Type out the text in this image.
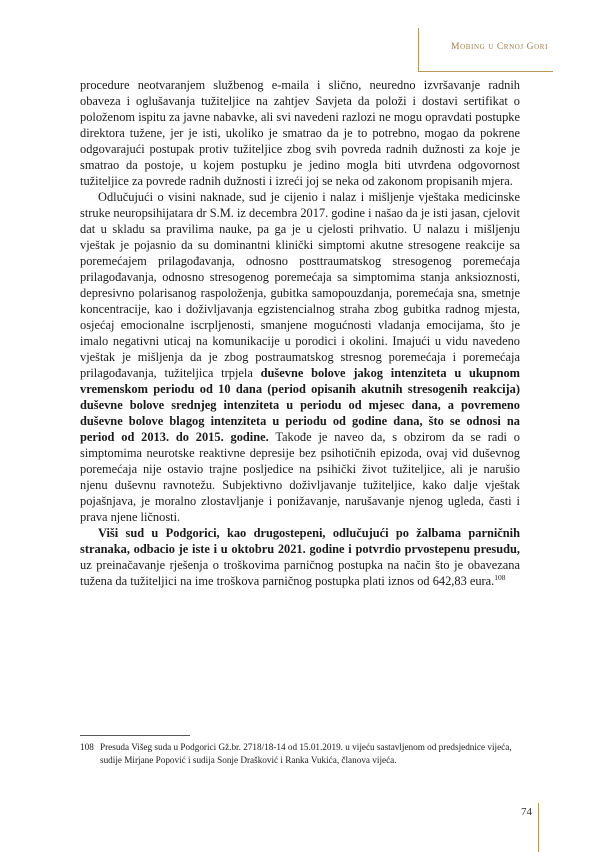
Mobing u Crnoj Gori

procedure neotvaranjem službenog e-maila i slično, neuredno izvršavanje radnih obaveza i oglušavanja tužiteljice na zahtjev Savjeta da položi i dostavi sertifikat o položenom ispitu za javne nabavke, ali svi navedeni razlozi ne mogu opravdati postupke direktora tužene, jer je isti, ukoliko je smatrao da je to potrebno, mogao da pokrene odgovarajući postupak protiv tužiteljice zbog svih povreda radnih dužnosti za koje je smatrao da postoje, u kojem postupku je jedino mogla biti utvrđena odgovornost tužiteljice za povrede radnih dužnosti i izreći joj se neka od zakonom propisanih mjera.

Odlučujući o visini naknade, sud je cijenio i nalaz i mišljenje vještaka medicinske struke neuropsihijatara dr S.M. iz decembra 2017. godine i našao da je isti jasan, cjelovit dat u skladu sa pravilima nauke, pa ga je u cjelosti prihvatio. U nalazu i mišljenju vještak je pojasnio da su dominantni klinički simptomi akutne stresogene reakcije sa poremećajem prilagođavanja, odnosno posttraumatskog stresogenog poremećaja prilagođavanja, odnosno stresogenog poremećaja sa simptomima stanja anksioznosti, depresivno polarisanog raspoloženja, gubitka samopouzdanja, poremećaja sna, smetnje koncentracije, kao i doživljavanja egzistencialnog straha zbog gubitka radnog mjesta, osjećaj emocionalne iscrpljenosti, smanjene mogućnosti vladanja emocijama, što je imalo negativni uticaj na komunikacije u porodici i okolini. Imajući u vidu navedeno vještak je mišljenja da je zbog postraumatskog stresnog poremećaja i poremećaja prilagođavanja, tužiteljica trpjela duševne bolove jakog intenziteta u ukupnom vremenskom periodu od 10 dana (period opisanih akutnih stresogenih reakcija) duševne bolove srednjeg intenziteta u periodu od mjesec dana, a povremeno duševne bolove blagog intenziteta u periodu od godine dana, što se odnosi na period od 2013. do 2015. godine. Takođe je naveo da, s obzirom da se radi o simptomima neurotske reaktivne depresije bez psihotičnih epizoda, ovaj vid duševnog poremećaja nije ostavio trajne posljedice na psihički život tužiteljice, ali je narušio njenu duševnu ravnotežu. Subjektivno doživljavanje tužiteljice, kako dalje vještak pojašnjava, je moralno zlostavljanje i ponižavanje, narušavanje njenog ugleda, časti i prava njene ličnosti.

Viši sud u Podgorici, kao drugostepeni, odlučujući po žalbama parničnih stranaka, odbacio je iste i u oktobru 2021. godine i potvrdio prvostepenu presudu, uz preinačavanje rješenja o troškovima parničnog postupka na način što je obavezana tužena da tužiteljici na ime troškova parničnog postupka plati iznos od 642,83 eura.$^{108}$

108 Presuda Višeg suda u Podgorici Gž.br. 2718/18-14 od 15.01.2019. u vijeću sastavljenom od predsjednice vijeća, sudije Mirjane Popović i sudija Sonje Drašković i Ranka Vukića, članova vijeća.
74
